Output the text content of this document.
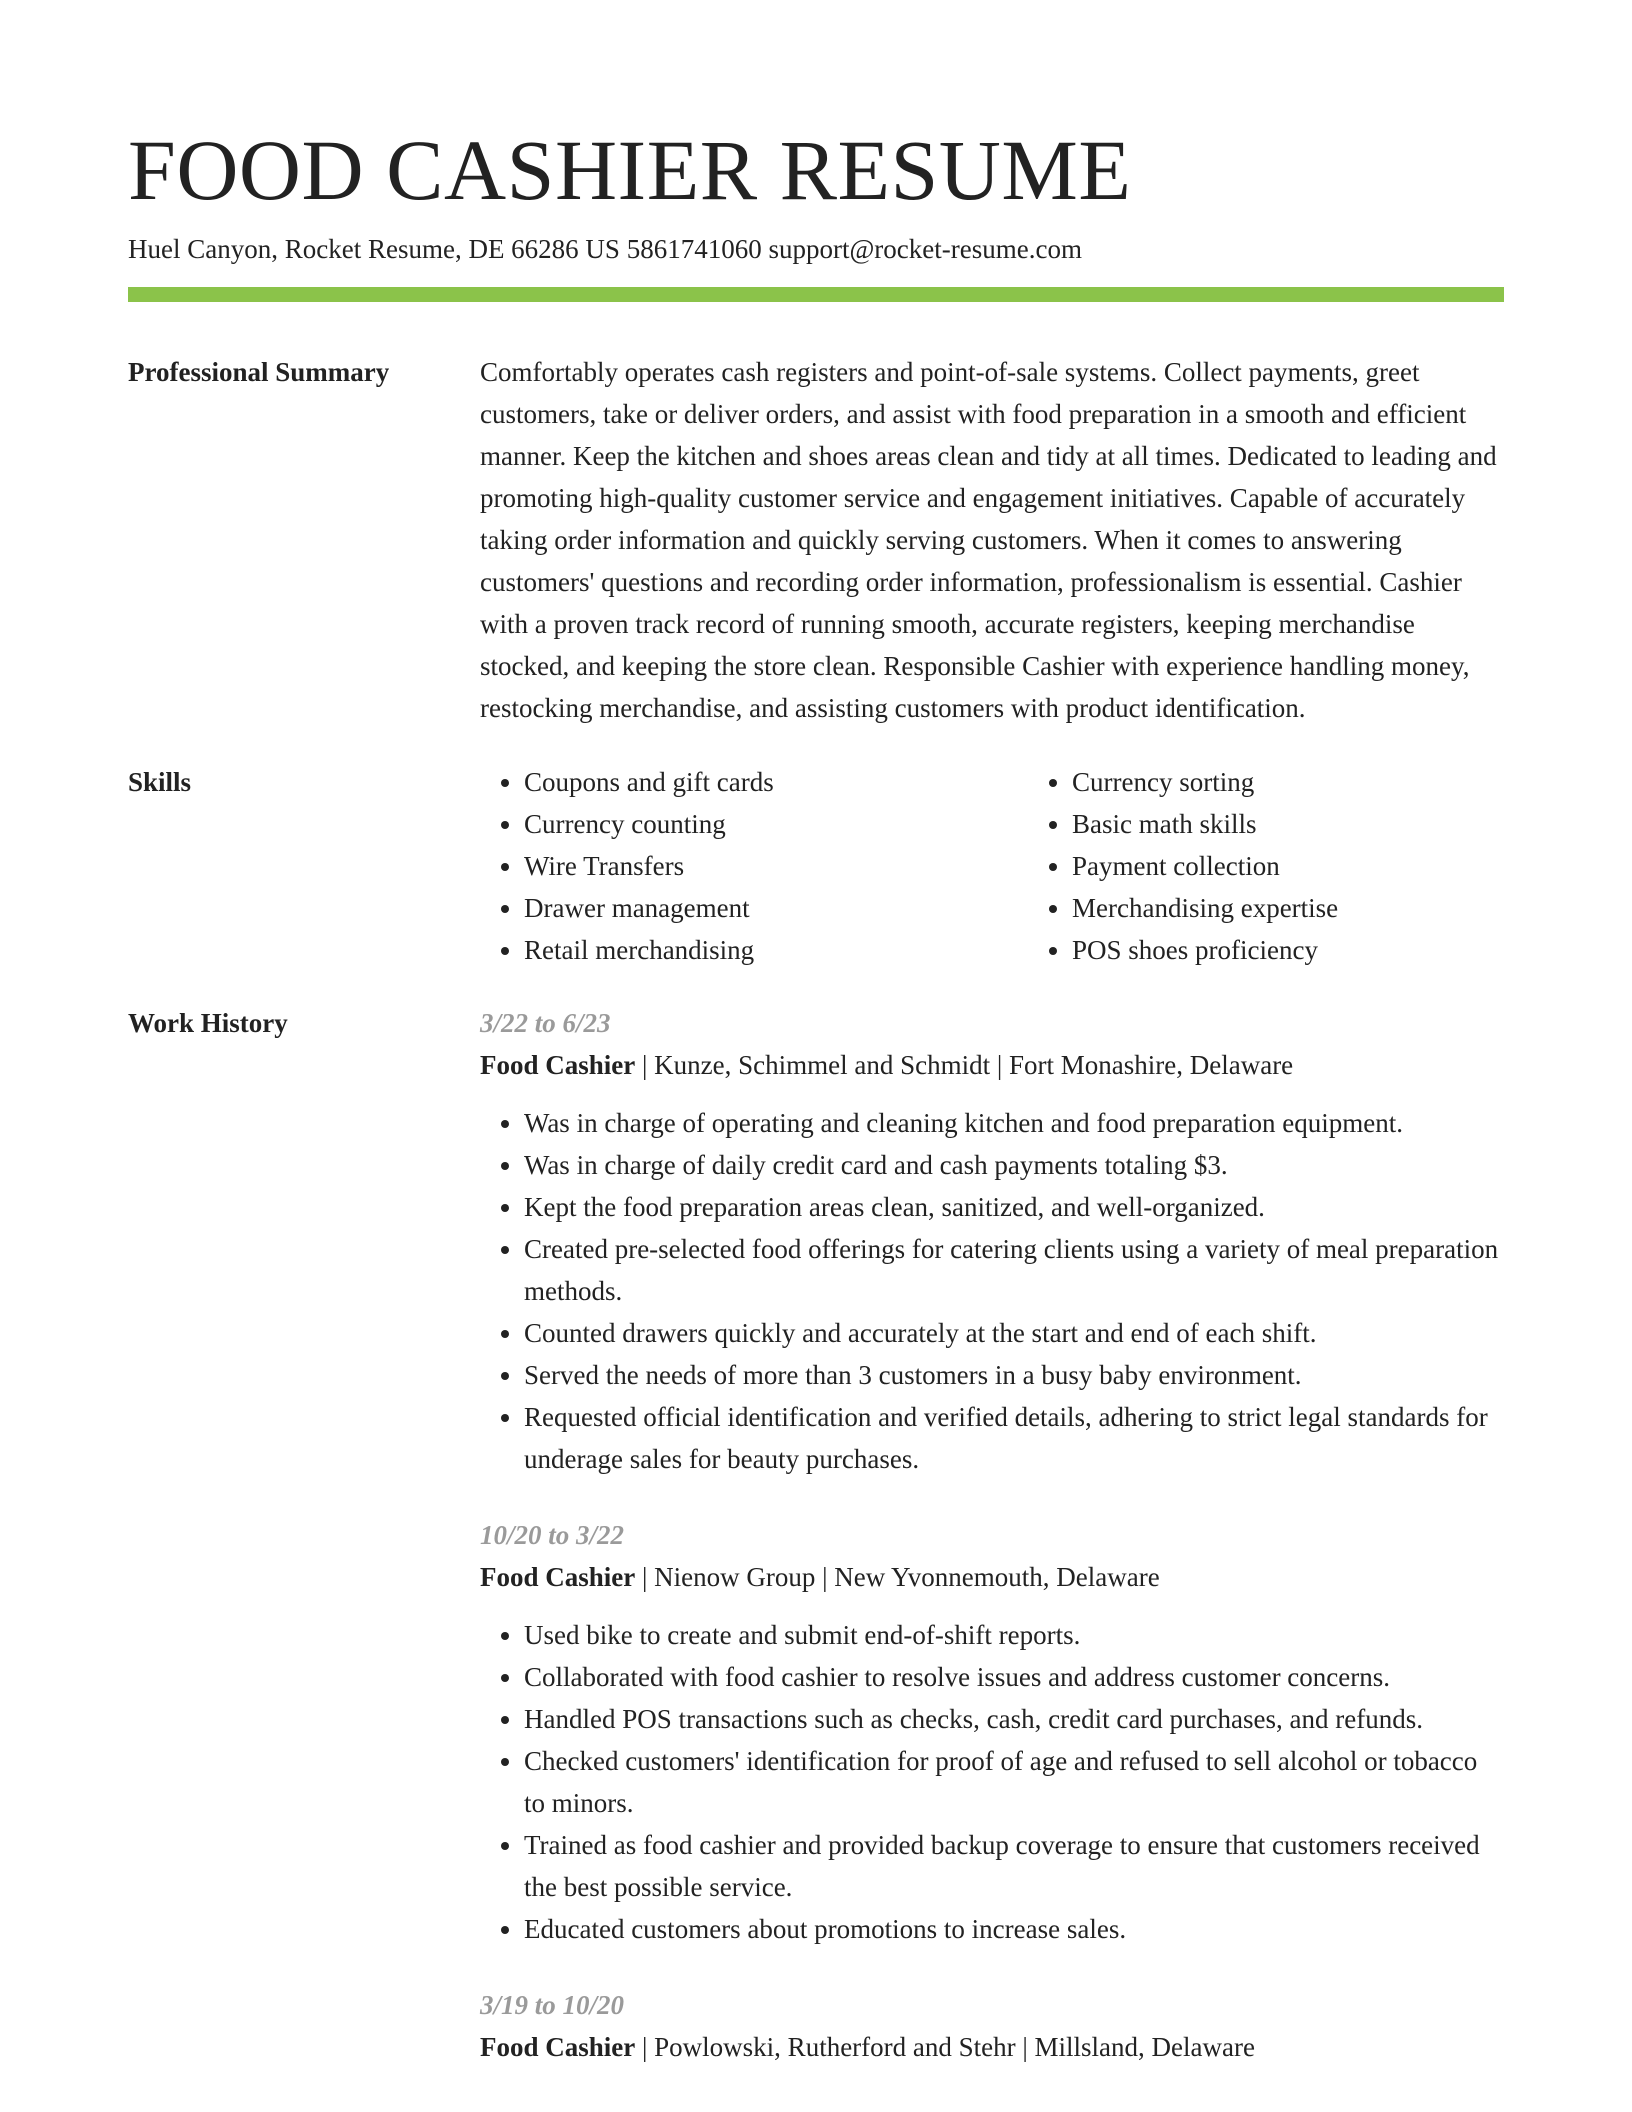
FOOD CASHIER RESUME
Huel Canyon, Rocket Resume, DE 66286 US 5861741060 support@rocket-resume.com
Professional Summary	Comfortably operates cash registers and point-of-sale systems. Collect payments, greet customers, take or deliver orders, and assist with food preparation in a smooth and efficient manner. Keep the kitchen and shoes areas clean and tidy at all times. Dedicated to leading and promoting high-quality customer service and engagement initiatives. Capable of accurately taking order information and quickly serving customers. When it comes to answering customers' questions and recording order information, professionalism is essential. Cashier with a proven track record of running smooth, accurate registers, keeping merchandise stocked, and keeping the store clean. Responsible Cashier with experience handling money, restocking merchandise, and assisting customers with product identification.

Skills
•	Coupons and gift cards
• Currency counting
• Wire Transfers
• Drawer management
• Retail merchandising
• Currency sorting
• Basic math skills
• Payment collection
• Merchandising expertise
• POS shoes proficiency
Work History	3/22 to 6/23
Food Cashier | Kunze, Schimmel and Schmidt | Fort Monashire, Delaware
• Was in charge of operating and cleaning kitchen and food preparation equipment.
• Was in charge of daily credit card and cash payments totaling $3.
• Kept the food preparation areas clean, sanitized, and well-organized.
• Created pre-selected food offerings for catering clients using a variety of meal preparation methods.
• Counted drawers quickly and accurately at the start and end of each shift.
• Served the needs of more than 3 customers in a busy baby environment.
• Requested official identification and verified details, adhering to strict legal standards for underage sales for beauty purchases.
10/20 to 3/22
Food Cashier | Nienow Group | New Yvonnemouth, Delaware
• Used bike to create and submit end-of-shift reports.
• Collaborated with food cashier to resolve issues and address customer concerns.
• Handled POS transactions such as checks, cash, credit card purchases, and refunds.
• Checked customers' identification for proof of age and refused to sell alcohol or tobacco to minors.
• Trained as food cashier and provided backup coverage to ensure that customers received the best possible service.
• Educated customers about promotions to increase sales.
3/19 to 10/20
Food Cashier | Powlowski, Rutherford and Stehr | Millsland, Delaware
